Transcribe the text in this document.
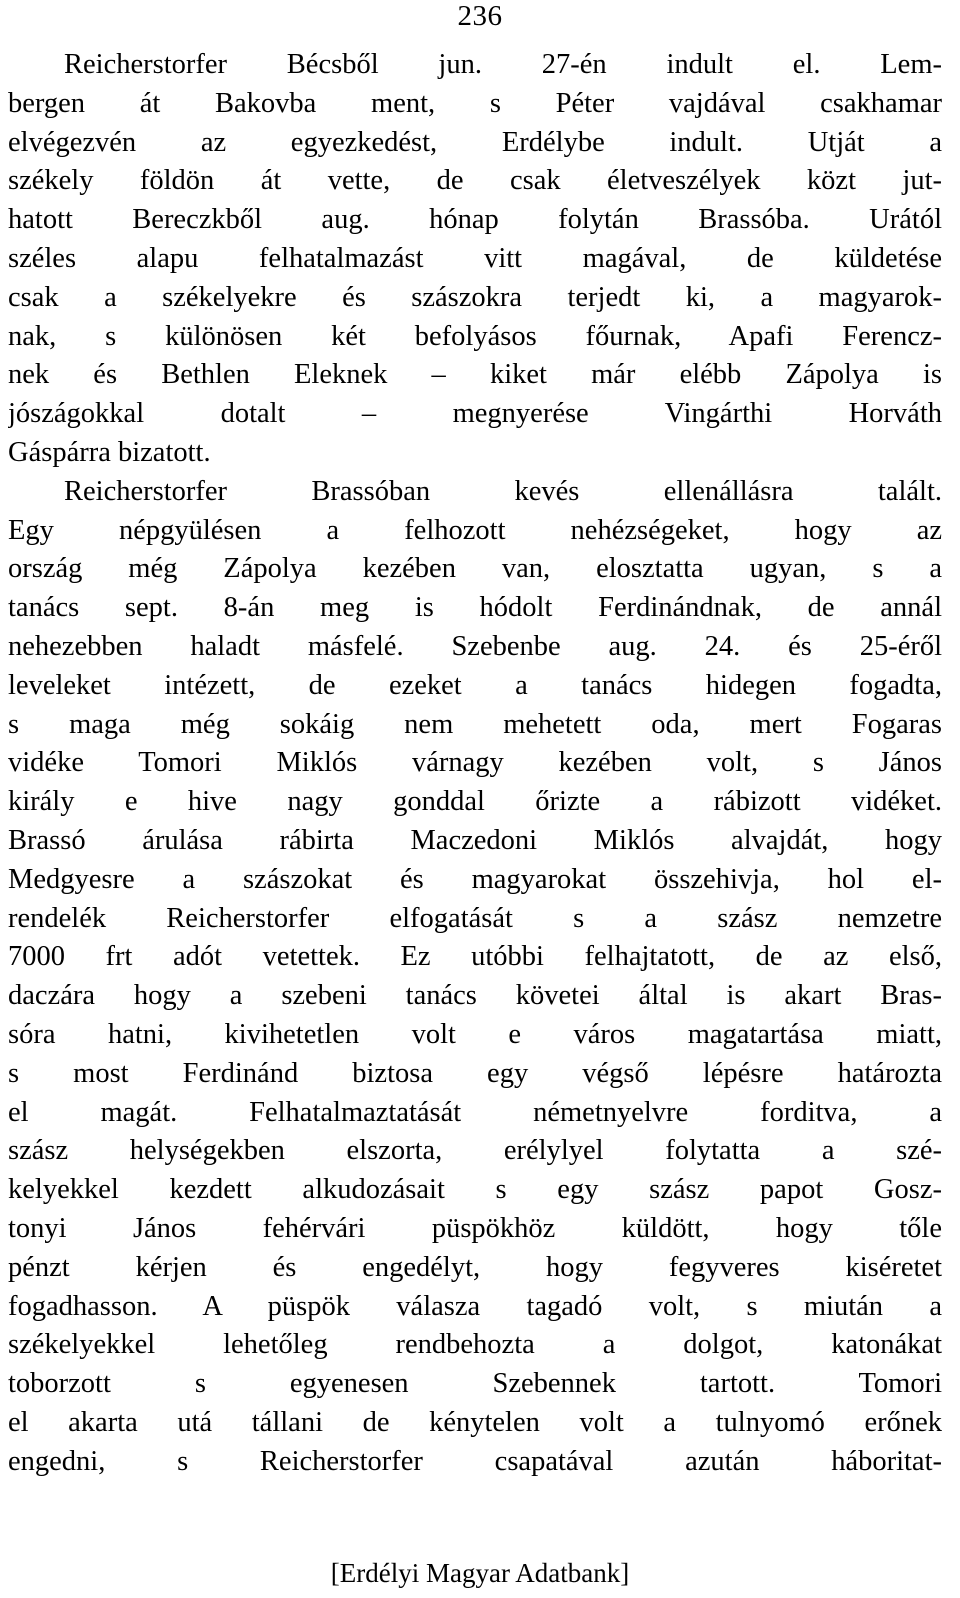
236
Reicherstorfer Bécsből jun. 27-én indult el. Lem-
bergen át Bakovba ment, s Péter vajdával csakhamar
elvégezvén az egyezkedést, Erdélybe indult. Utját a
székely földön át vette, de csak életveszélyek közt jut-
hatott Bereczkből aug. hónap folytán Brassóba. Urától
széles alapu felhatalmazást vitt magával, de küldetése
csak a székelyekre és szászokra terjedt ki, a magyarok-
nak, s különösen két befolyásos főurnak, Apafi Ferencz-
nek és Bethlen Eleknek – kiket már elébb Zápolya is
jószágokkal dotalt – megnyerése Vingárthi Horváth
Gáspárra bizatott.
Reicherstorfer Brassóban kevés ellenállásra talált.
Egy népgyülésen a felhozott nehézségeket, hogy az
ország még Zápolya kezében van, elosztatta ugyan, s a
tanács sept. 8-án meg is hódolt Ferdinándnak, de annál
nehezebben haladt másfelé. Szebenbe aug. 24. és 25-éről
leveleket intézett, de ezeket a tanács hidegen fogadta,
s maga még sokáig nem mehetett oda, mert Fogaras
vidéke Tomori Miklós várnagy kezében volt, s János
király e hive nagy gonddal őrizte a rábizott vidéket.
Brassó árulása rábirta Maczedoni Miklós alvajdát, hogy
Medgyesre a szászokat és magyarokat összehivja, hol el-
rendelék Reicherstorfer elfogatását s a szász nemzetre
7000 frt adót vetettek. Ez utóbbi felhajtatott, de az első,
daczára hogy a szebeni tanács követei által is akart Bras-
sóra hatni, kivihetetlen volt e város magatartása miatt,
s most Ferdinánd biztosa egy végső lépésre határozta
el magát. Felhatalmaztatását németnyelvre forditva, a
szász helységekben elszorta, erélylyel folytatta a szé-
kelyekkel kezdett alkudozásait s egy szász papot Gosz-
tonyi János fehérvári püspökhöz küldött, hogy tőle
pénzt kérjen és engedélyt, hogy fegyveres kiséretet
fogadhasson. A püspök válasza tagadó volt, s miután a
székelyekkel lehetőleg rendbehozta a dolgot, katonákat
toborzott s egyenesen Szebennek tartott. Tomori
el akarta utá tállani de kénytelen volt a tulnyomó erőnek
engedni, s Reicherstorfer csapatával azután háboritat-
[Erdélyi Magyar Adatbank]
